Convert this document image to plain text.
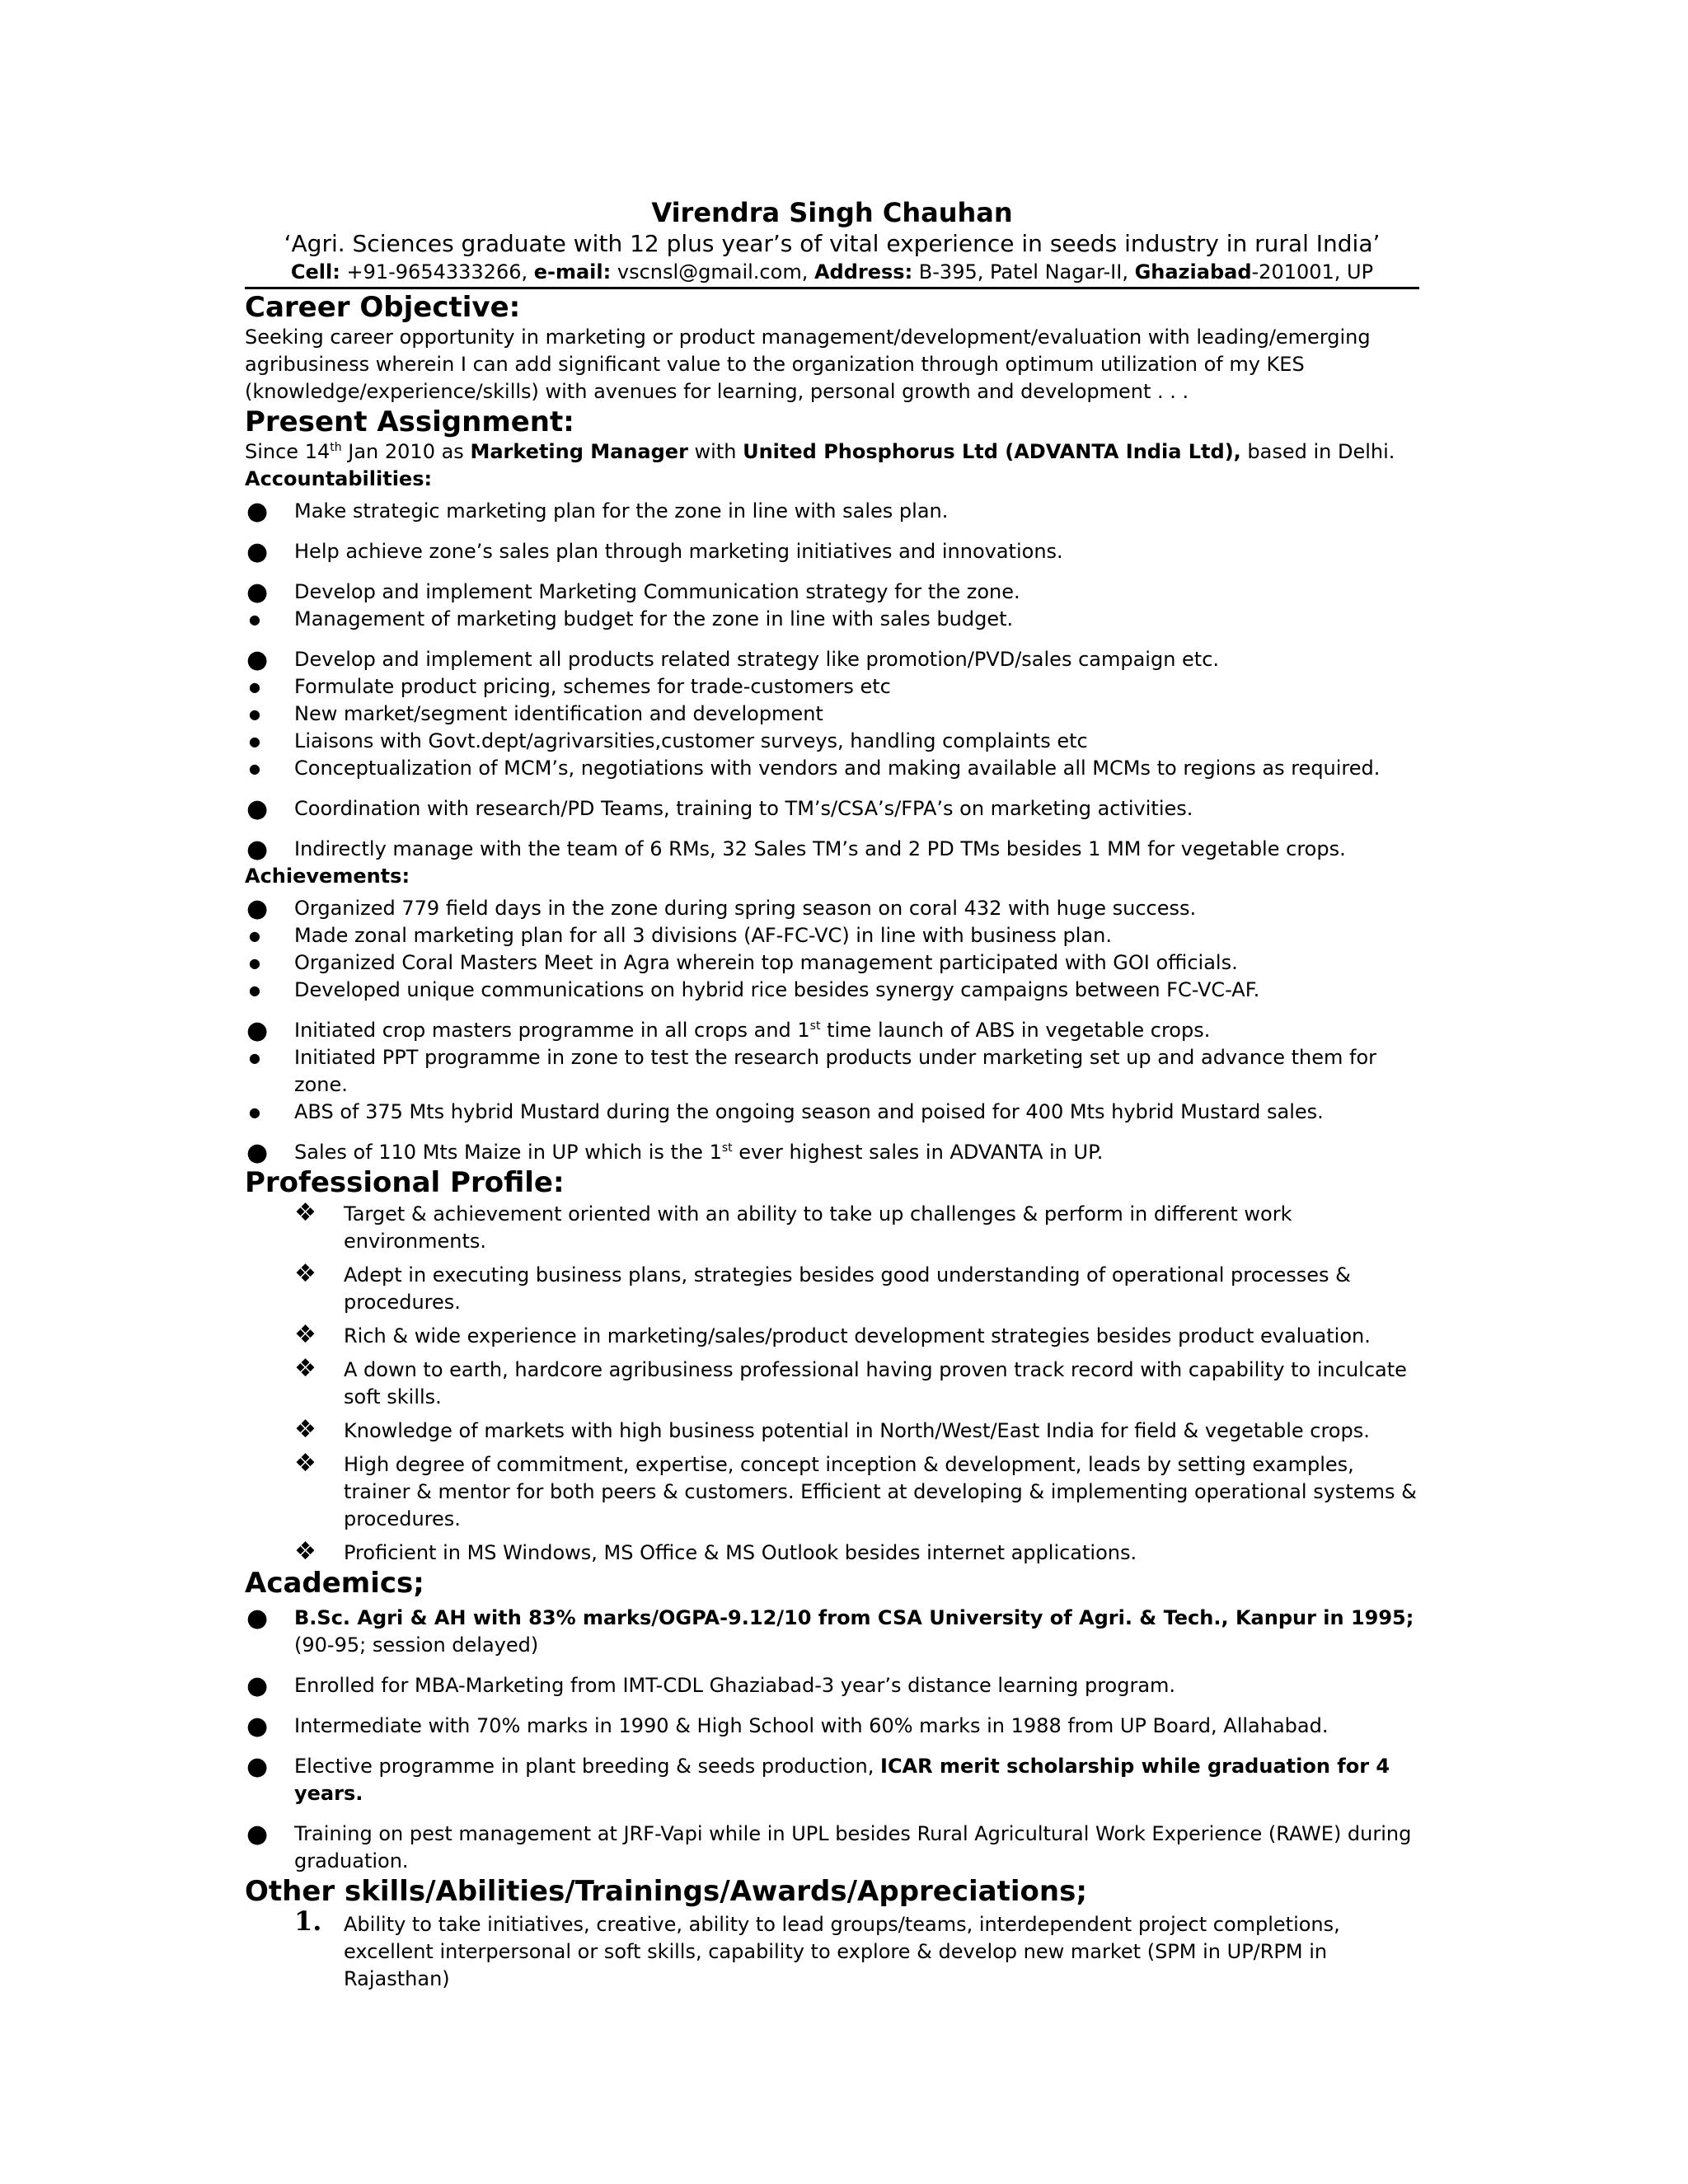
Virendra Singh Chauhan
‘Agri. Sciences graduate with 12 plus year’s of vital experience in seeds industry in rural India’
Cell: +91-9654333266, e-mail: vscnsl@gmail.com, Address: B-395, Patel Nagar-II, Ghaziabad-201001, UP
Career Objective:

Seeking career opportunity in marketing or product management/development/evaluation with leading/emerging agribusiness wherein I can add significant value to the organization through optimum utilization of my KES (knowledge/experience/skills) with avenues for learning, personal growth and development . . .

Present Assignment:

Since 14th Jan 2010 as Marketing Manager with United Phosphorus Ltd (ADVANTA India Ltd), based in Delhi.

Accountabilities:

● Make strategic marketing plan for the zone in line with sales plan.
● Help achieve zone’s sales plan through marketing initiatives and innovations.
● Develop and implement Marketing Communication strategy for the zone.
● Management of marketing budget for the zone in line with sales budget.
● Develop and implement all products related strategy like promotion/PVD/sales campaign etc.
● Formulate product pricing, schemes for trade-customers etc
● New market/segment identification and development
● Liaisons with Govt.dept/agrivarsities,customer surveys, handling complaints etc
● Conceptualization of MCM’s, negotiations with vendors and making available all MCMs to regions as required.
● Coordination with research/PD Teams, training to TM’s/CSA’s/FPA’s on marketing activities.
● Indirectly manage with the team of 6 RMs, 32 Sales TM’s and 2 PD TMs besides 1 MM for vegetable crops.

Achievements:

● Organized 779 field days in the zone during spring season on coral 432 with huge success.
● Made zonal marketing plan for all 3 divisions (AF-FC-VC) in line with business plan.
● Organized Coral Masters Meet in Agra wherein top management participated with GOI officials.
● Developed unique communications on hybrid rice besides synergy campaigns between FC-VC-AF.
● Initiated crop masters programme in all crops and 1st time launch of ABS in vegetable crops.
● Initiated PPT programme in zone to test the research products under marketing set up and advance them for zone.
● ABS of 375 Mts hybrid Mustard during the ongoing season and poised for 400 Mts hybrid Mustard sales.
● Sales of 110 Mts Maize in UP which is the 1st ever highest sales in ADVANTA in UP.
Professional Profile:
❖ Target & achievement oriented with an ability to take up challenges & perform in different work environments.
❖ Adept in executing business plans, strategies besides good understanding of operational processes & procedures.
❖ Rich & wide experience in marketing/sales/product development strategies besides product evaluation.
❖ A down to earth, hardcore agribusiness professional having proven track record with capability to inculcate soft skills.
❖ Knowledge of markets with high business potential in North/West/East India for field & vegetable crops.
❖ High degree of commitment, expertise, concept inception & development, leads by setting examples, trainer & mentor for both peers & customers. Efficient at developing & implementing operational systems & procedures.
❖ Proficient in MS Windows, MS Office & MS Outlook besides internet applications.
Academics;
● B.Sc. Agri & AH with 83% marks/OGPA-9.12/10 from CSA University of Agri. & Tech., Kanpur in 1995; (90-95; session delayed)
● Enrolled for MBA-Marketing from IMT-CDL Ghaziabad-3 year’s distance learning program.
● Intermediate with 70% marks in 1990 & High School with 60% marks in 1988 from UP Board, Allahabad.
● Elective programme in plant breeding & seeds production, ICAR merit scholarship while graduation for 4 years.
● Training on pest management at JRF-Vapi while in UPL besides Rural Agricultural Work Experience (RAWE) during graduation.
Other skills/Abilities/Trainings/Awards/Appreciations;
1. Ability to take initiatives, creative, ability to lead groups/teams, interdependent project completions, excellent interpersonal or soft skills, capability to explore & develop new market (SPM in UP/RPM in Rajasthan)
